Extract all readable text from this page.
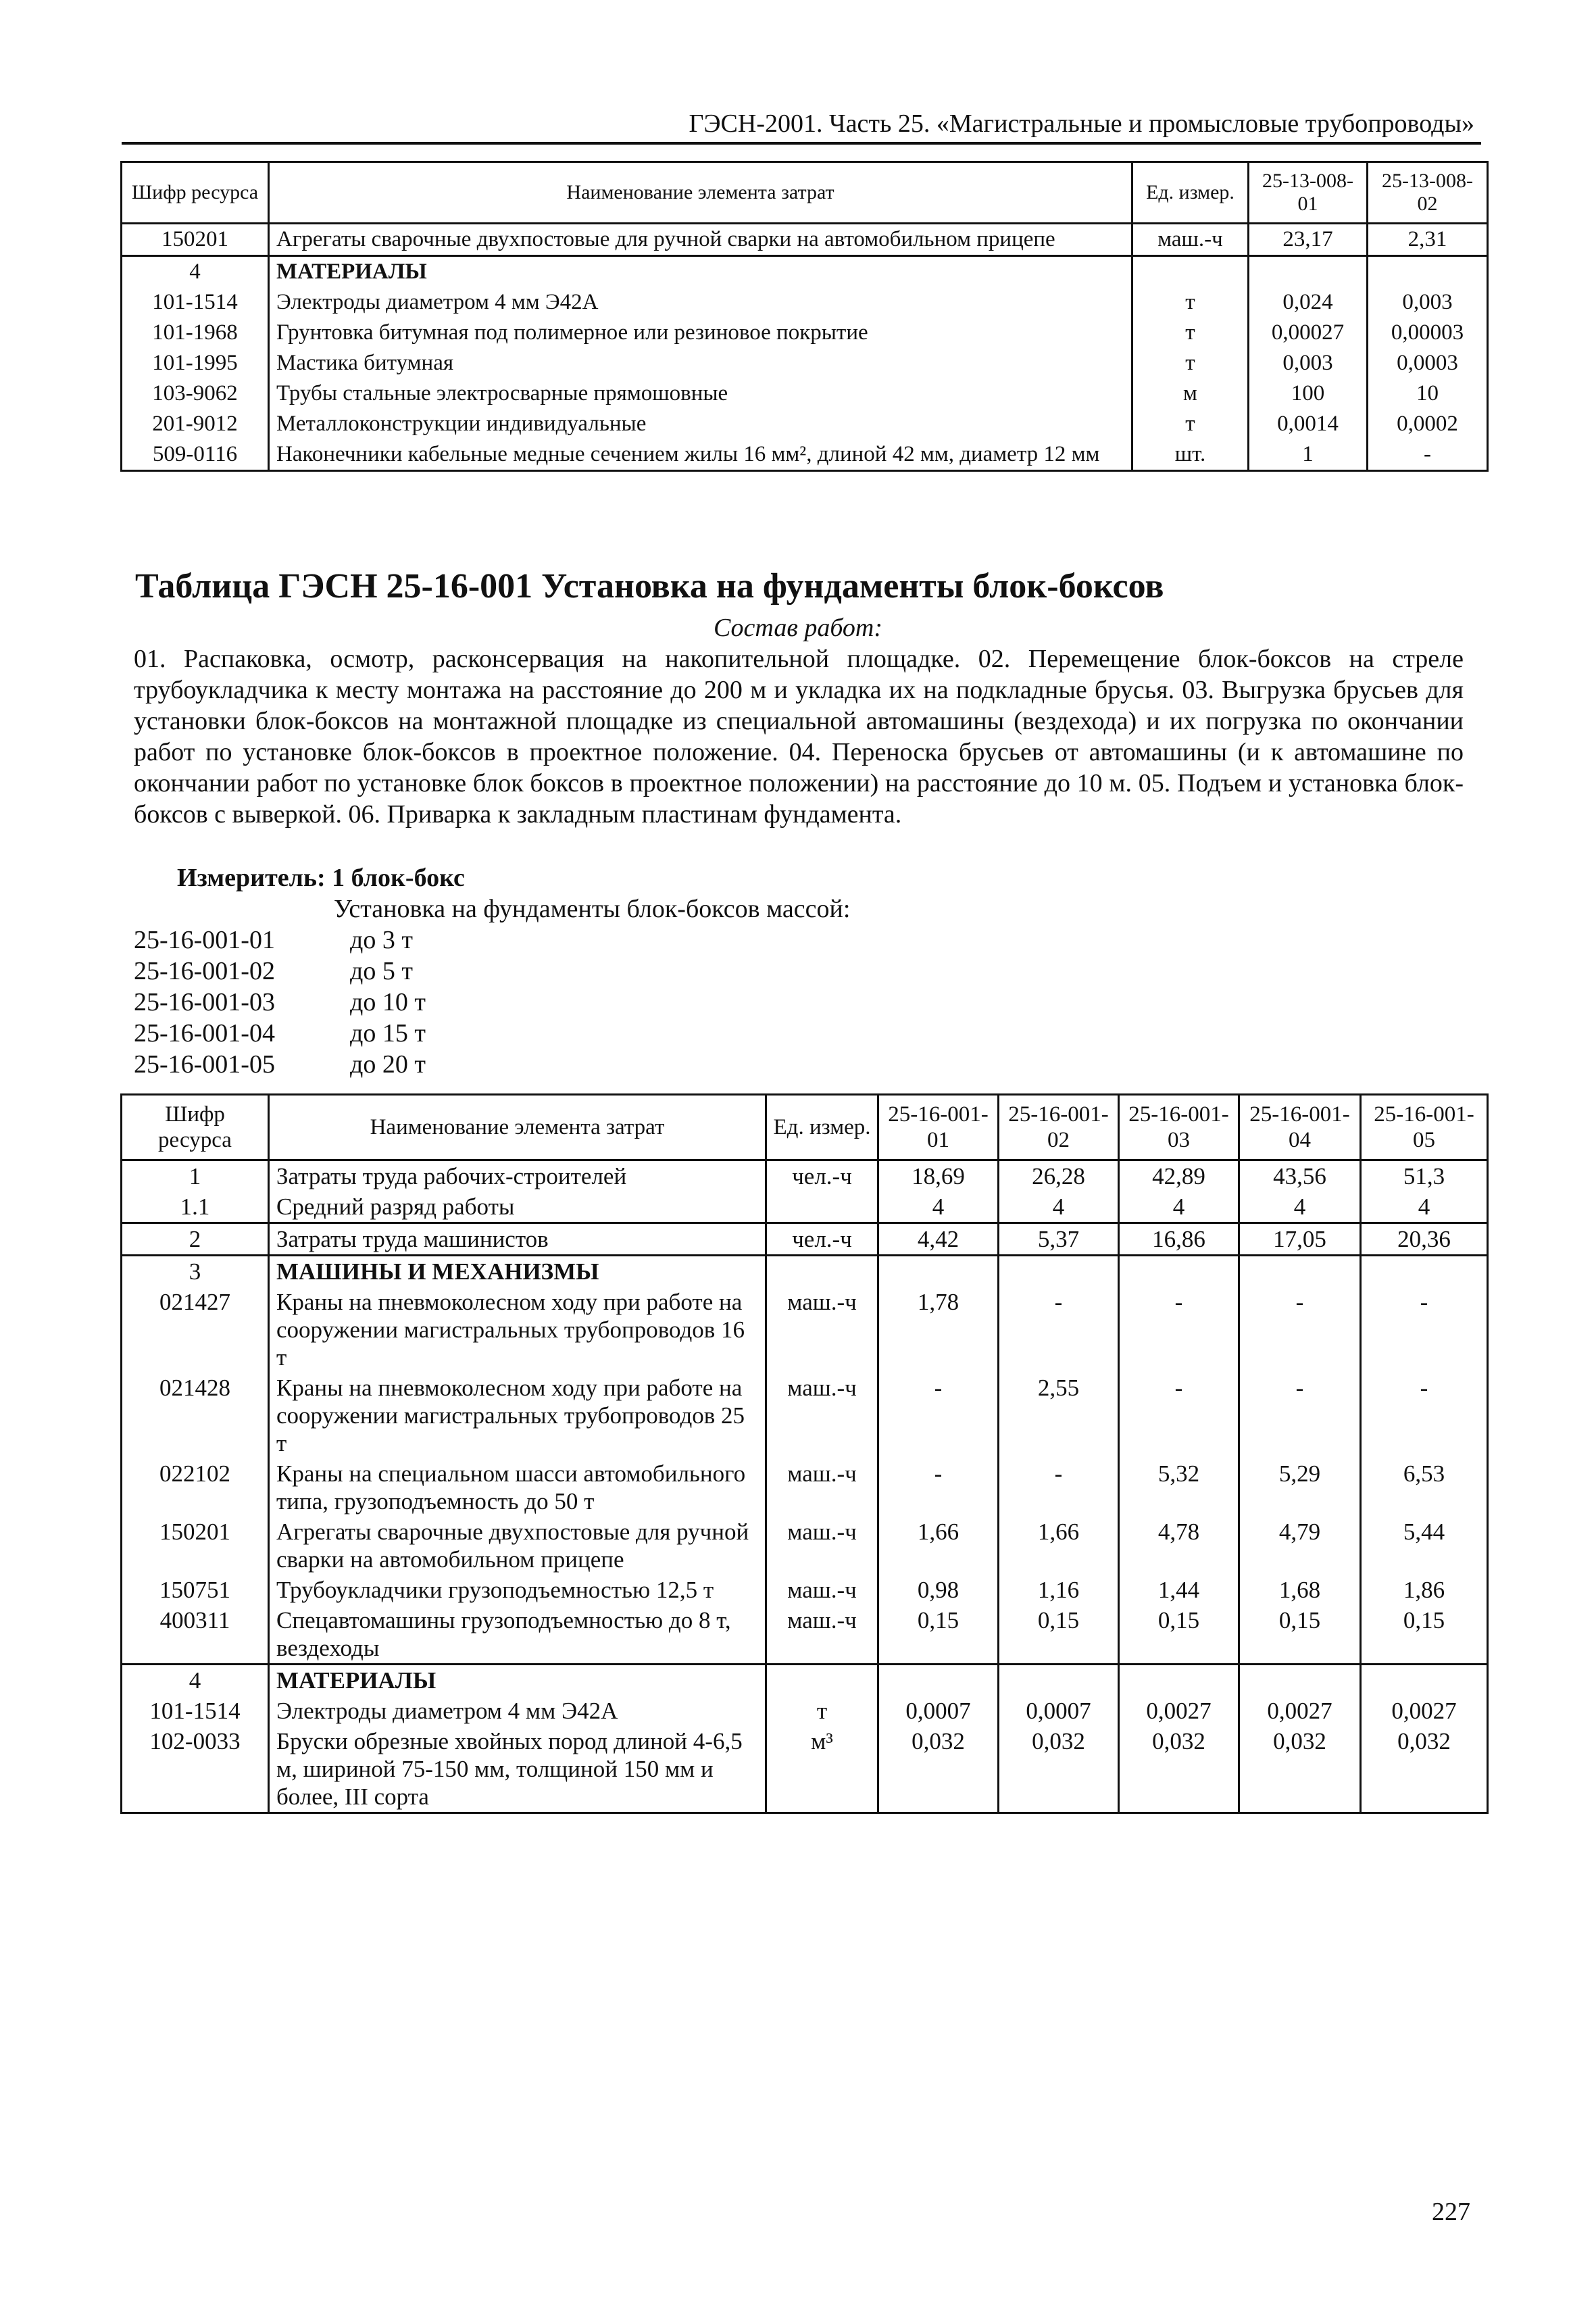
ГЭСН-2001. Часть 25. «Магистральные и промысловые трубопроводы»
Шифр ресурса	Наименование элемента затрат	Ед. измер.	25-13-008-01	25-13-008-02
150201	Агрегаты сварочные двухпостовые для ручной сварки на автомобильном прицепе	маш.-ч	23,17	2,31
4	МАТЕРИАЛЫ			
101-1514	Электроды диаметром 4 мм Э42А	т	0,024	0,003
101-1968	Грунтовка битумная под полимерное или резиновое покрытие	т	0,00027	0,00003
101-1995	Мастика битумная	т	0,003	0,0003
103-9062	Трубы стальные электросварные прямошовные	м	100	10
201-9012	Металлоконструкции индивидуальные	т	0,0014	0,0002
509-0116	Наконечники кабельные медные сечением жилы 16 мм², длиной 42 мм, диаметр 12 мм	шт.	1	-
Таблица ГЭСН 25-16-001 Установка на фундаменты блок-боксов
Состав работ:

01. Распаковка, осмотр, расконсервация на накопительной площадке. 02. Перемещение блок-боксов на стреле трубоукладчика к месту монтажа на расстояние до 200 м и укладка их на подкладные брусья. 03. Выгрузка брусьев для установки блок-боксов на монтажной площадке из специальной автомашины (вездехода) и их погрузка по окончании работ по установке блок-боксов в проектное положение. 04. Переноска брусьев от автомашины (и к автомашине по окончании работ по установке блок боксов в проектное положении) на расстояние до 10 м. 05. Подъем и установка блок-боксов с выверкой. 06. Приварка к закладным пластинам фундамента.

Измеритель: 1 блок-бокс
Установка на фундаменты блок-боксов массой:
25-16-001-01	до 3 т
25-16-001-02	до 5 т
25-16-001-03	до 10 т
25-16-001-04	до 15 т
25-16-001-05	до 20 т
Шифр ресурса	Наименование элемента затрат	Ед. измер.	25-16-001-01	25-16-001-02	25-16-001-03	25-16-001-04	25-16-001-05
1	Затраты труда рабочих-строителей	чел.-ч	18,69	26,28	42,89	43,56	51,3
1.1	Средний разряд работы		4	4	4	4	4
2	Затраты труда машинистов	чел.-ч	4,42	5,37	16,86	17,05	20,36
3	МАШИНЫ И МЕХАНИЗМЫ						
021427	Краны на пневмоколесном ходу при работе на сооружении магистральных трубопроводов 16 т	маш.-ч	1,78	-	-	-	-
021428	Краны на пневмоколесном ходу при работе на сооружении магистральных трубопроводов 25 т	маш.-ч	-	2,55	-	-	-
022102	Краны на специальном шасси автомобильного типа, грузоподъемность до 50 т	маш.-ч	-	-	5,32	5,29	6,53
150201	Агрегаты сварочные двухпостовые для ручной сварки на автомобильном прицепе	маш.-ч	1,66	1,66	4,78	4,79	5,44
150751	Трубоукладчики грузоподъемностью 12,5 т	маш.-ч	0,98	1,16	1,44	1,68	1,86
400311	Спецавтомашины грузоподъемностью до 8 т, вездеходы	маш.-ч	0,15	0,15	0,15	0,15	0,15
4	МАТЕРИАЛЫ						
101-1514	Электроды диаметром 4 мм Э42А	т	0,0007	0,0007	0,0027	0,0027	0,0027
102-0033	Бруски обрезные хвойных пород длиной 4-6,5 м, шириной 75-150 мм, толщиной 150 мм и более, III сорта	м³	0,032	0,032	0,032	0,032	0,032
227
